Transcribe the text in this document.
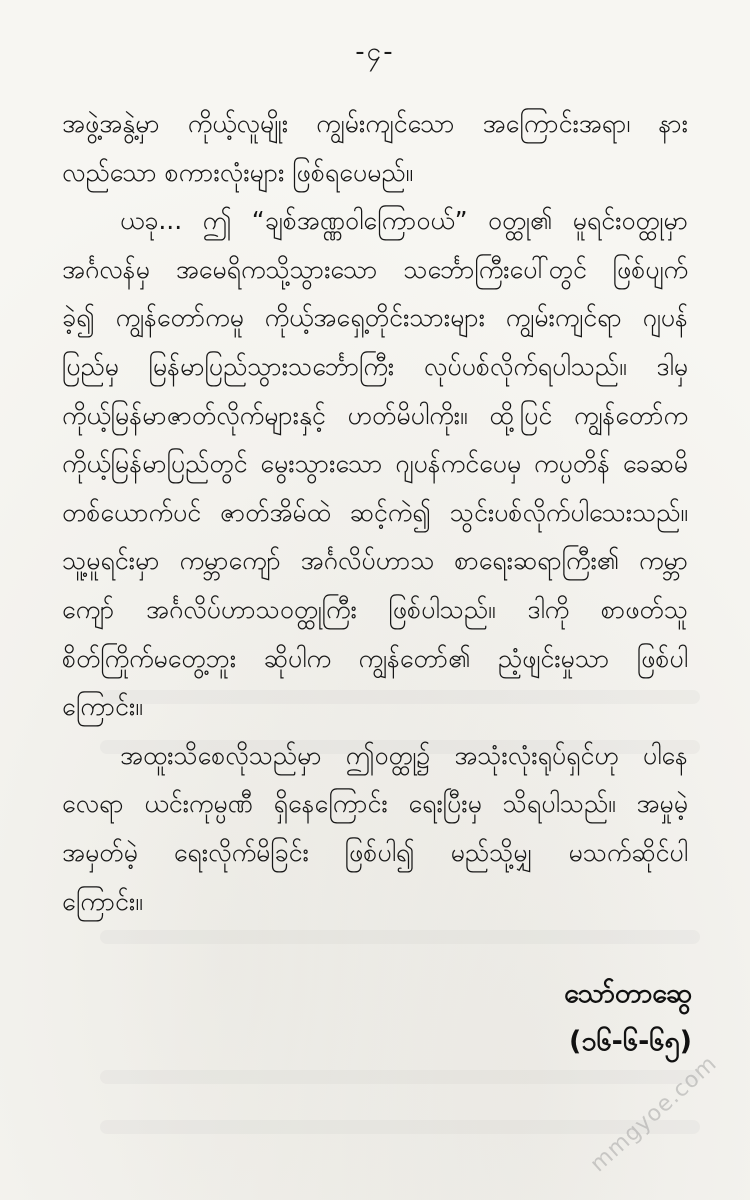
-၄-
အဖွဲ့အနွဲ့မှာ ကိုယ့်လူမျိုး ကျွမ်းကျင်သော အကြောင်းအရာ၊ နား
လည်သော စကားလုံးများ ဖြစ်ရပေမည်။
ယခု... ဤ “ချစ်အဏ္ဏဝါကြောဝယ်” ဝတ္ထု၏ မူရင်းဝတ္ထုမှာ
အင်္ဂလန်မှ အမေရိကသို့သွားသော သင်္ဘောကြီးပေါ်တွင် ဖြစ်ပျက်
ခဲ့၍ ကျွန်တော်ကမူ ကိုယ့်အရှေ့တိုင်းသားများ ကျွမ်းကျင်ရာ ဂျပန်
ပြည်မှ မြန်မာပြည်သွားသင်္ဘောကြီး လုပ်ပစ်လိုက်ရပါသည်။ ဒါမှ
ကိုယ့်မြန်မာဇာတ်လိုက်များနှင့် ဟတ်မိပါကိုး။ ထို့ပြင် ကျွန်တော်က
ကိုယ့်မြန်မာပြည်တွင် မွေးသွားသော ဂျပန်ကင်ပေမှ ကပ္ပတိန် ခေဆမိ
တစ်ယောက်ပင် ဇာတ်အိမ်ထဲ ဆင့်ကဲ၍ သွင်းပစ်လိုက်ပါသေးသည်။
သူ့မူရင်းမှာ ကမ္ဘာကျော် အင်္ဂလိပ်ဟာသ စာရေးဆရာကြီး၏ ကမ္ဘာ
ကျော် အင်္ဂလိပ်ဟာသဝတ္ထုကြီး ဖြစ်ပါသည်။ ဒါကို စာဖတ်သူ
စိတ်ကြိုက်မတွေ့ဘူး ဆိုပါက ကျွန်တော်၏ ညံ့ဖျင်းမှုသာ ဖြစ်ပါ
ကြောင်း။
အထူးသိစေလိုသည်မှာ ဤဝတ္ထု၌ အသုံးလုံးရုပ်ရှင်ဟု ပါနေ
လေရာ ယင်းကုမ္ပဏီ ရှိနေကြောင်း ရေးပြီးမှ သိရပါသည်။ အမှုမဲ့
အမှတ်မဲ့ ရေးလိုက်မိခြင်း ဖြစ်ပါ၍ မည်သို့မျှ မသက်ဆိုင်ပါ
ကြောင်း။
သော်တာဆွေ
(၁၆-၆-၆၅)
mmgyoe.com
